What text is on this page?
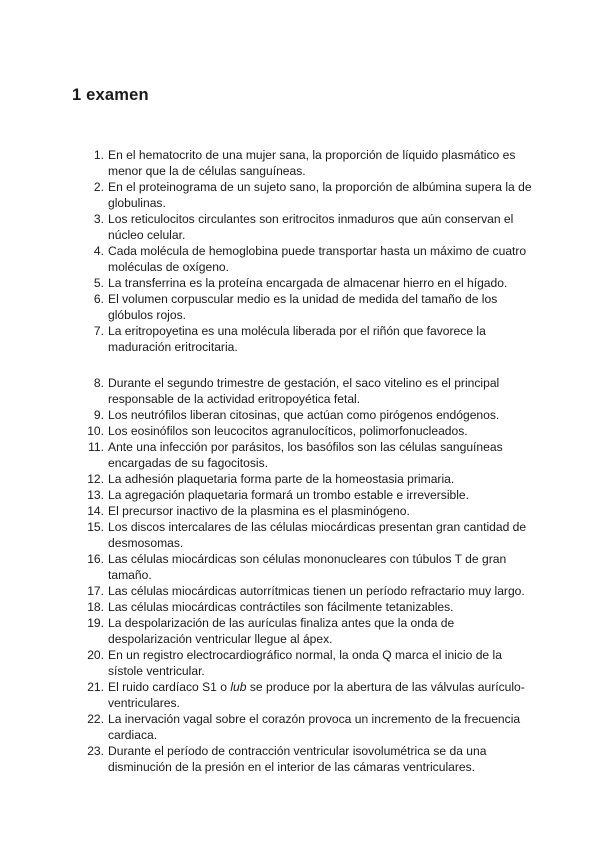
1 examen
1. En el hematocrito de una mujer sana, la proporción de líquido plasmático es menor que la de células sanguíneas.
2. En el proteinograma de un sujeto sano, la proporción de albúmina supera la de globulinas.
3. Los reticulocitos circulantes son eritrocitos inmaduros que aún conservan el núcleo celular.
4. Cada molécula de hemoglobina puede transportar hasta un máximo de cuatro moléculas de oxígeno.
5. La transferrina es la proteína encargada de almacenar hierro en el hígado.
6. El volumen corpuscular medio es la unidad de medida del tamaño de los glóbulos rojos.
7. La eritropoyetina es una molécula liberada por el riñón que favorece la maduración eritrocitaria.
8. Durante el segundo trimestre de gestación, el saco vitelino es el principal responsable de la actividad eritropoyética fetal.
9. Los neutrófilos liberan citosinas, que actúan como pirógenos endógenos.
10. Los eosinófilos son leucocitos agranulocíticos, polimorfonucleados.
11. Ante una infección por parásitos, los basófilos son las células sanguíneas encargadas de su fagocitosis.
12. La adhesión plaquetaria forma parte de la homeostasia primaria.
13. La agregación plaquetaria formará un trombo estable e irreversible.
14. El precursor inactivo de la plasmina es el plasminógeno.
15. Los discos intercalares de las células miocárdicas presentan gran cantidad de desmosomas.
16. Las células miocárdicas son células mononucleares con túbulos T de gran tamaño.
17. Las células miocárdicas autorrítmicas tienen un período refractario muy largo.
18. Las células miocárdicas contráctiles son fácilmente tetanizables.
19. La despolarización de las aurículas finaliza antes que la onda de despolarización ventricular llegue al ápex.
20. En un registro electrocardiográfico normal, la onda Q marca el inicio de la sístole ventricular.
21. El ruido cardíaco S1 o lub se produce por la abertura de las válvulas aurículo-ventriculares.
22. La inervación vagal sobre el corazón provoca un incremento de la frecuencia cardiaca.
23. Durante el período de contracción ventricular isovolumétrica se da una disminución de la presión en el interior de las cámaras ventriculares.
